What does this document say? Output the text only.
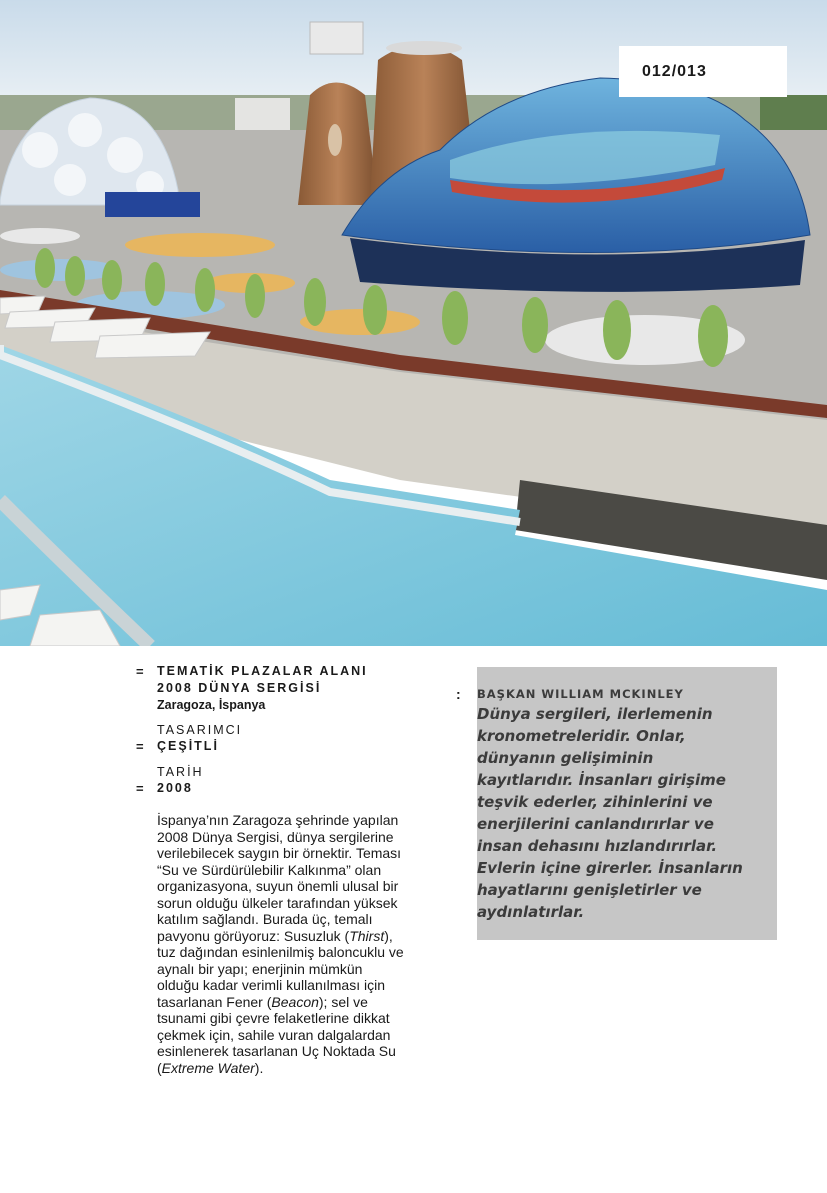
012/013
= TEMATİK PLAZALAR ALANI

2008 DÜNYA SERGİSİ

Zaragoza, İspanya

TASARIMCI

= ÇEŞİTLİ

TARİH

= 2008

İspanya’nın Zaragoza şehrinde yapılan 2008 Dünya Sergisi, dünya sergilerine verilebilecek saygın bir örnektir. Teması “Su ve Sürdürülebilir Kalkınma” olan organizasyona, suyun önemli ulusal bir sorun olduğu ülkeler tarafından yüksek katılım sağlandı. Burada üç, temalı pavyonu görüyoruz: Susuzluk (Thirst), tuz dağından esinlenilmiş baloncuklu ve aynalı bir yapı; enerjinin mümkün olduğu kadar verimli kullanılması için tasarlanan Fener (Beacon); sel ve tsunami gibi çevre felaketlerine dikkat çekmek için, sahile vuran dalgalardan esinlenerek tasarlanan Uç Noktada Su (Extreme Water).

: BAŞKAN WILLIAM MCKINLEY

Dünya sergileri, ilerlemenin kronometreleridir. Onlar, dünyanın gelişiminin kayıtlarıdır. İnsanları girişime teşvik ederler, zihinlerini ve enerjilerini canlandırırlar ve insan dehasını hızlandırırlar. Evlerin içine girerler. İnsanların hayatlarını genişletirler ve aydınlatırlar.
